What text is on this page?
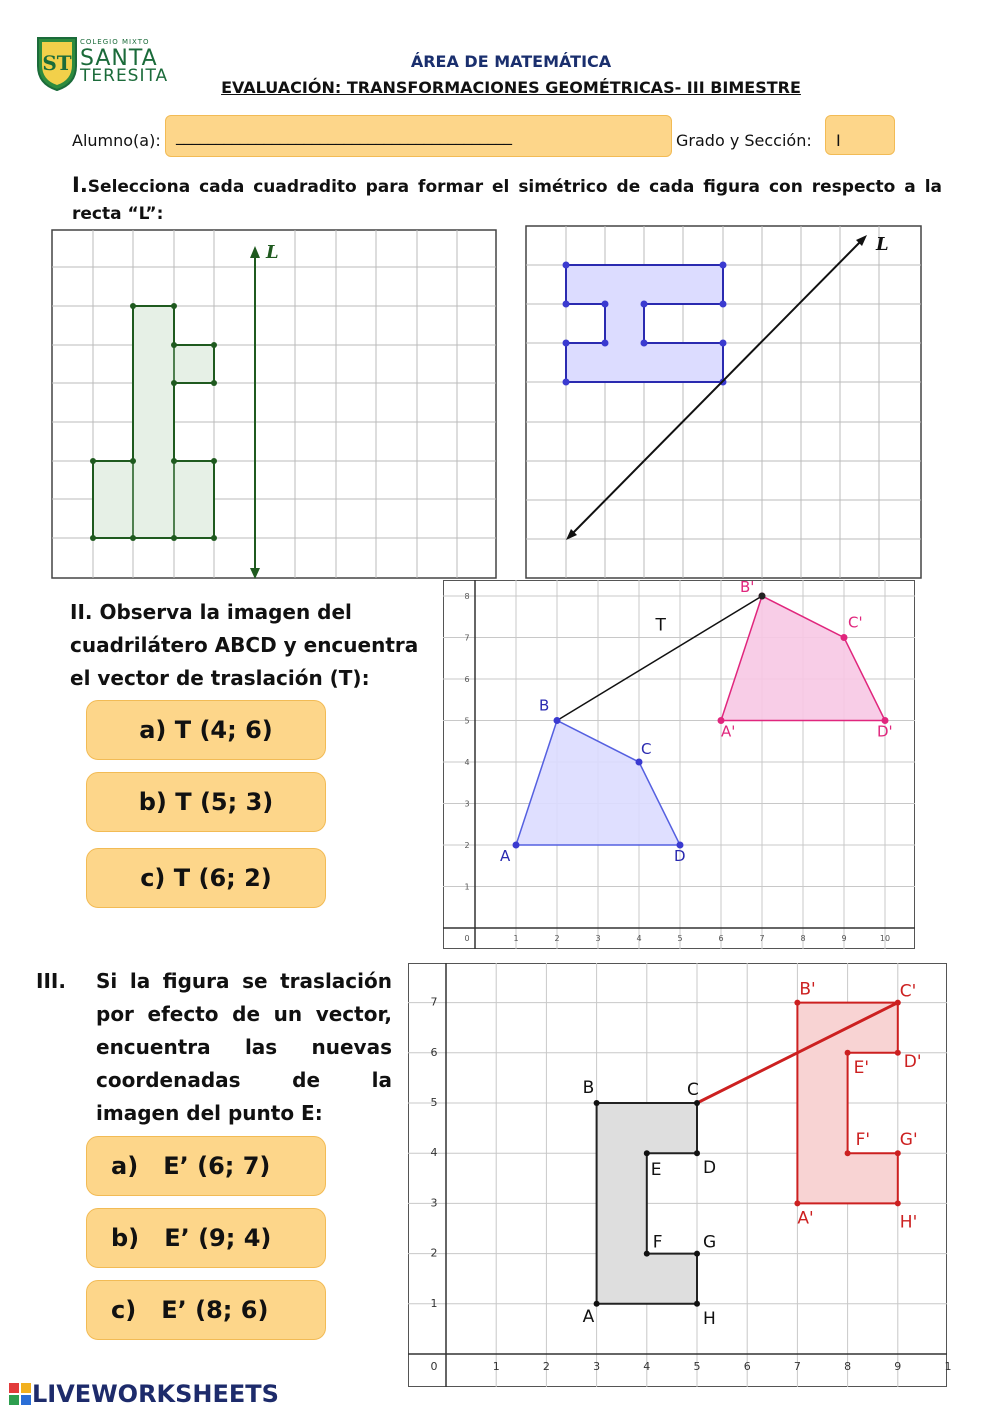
ST
COLEGIO MIXTO
SANTA
TERESITA
ÁREA DE MATEMÁTICA
EVALUACIÓN: TRANSFORMACIONES GEOMÉTRICAS- III BIMESTRE
Alumno(a): __________________________________________	Grado y Sección:	I
I.Selecciona cada cuadradito para formar el simétrico de cada figura con respecto a la recta “L”:
L	L
II. Observa la imagen del cuadrilátero ABCD y encuentra el vector de traslación (T):
a) T (4; 6)
b) T (5; 3)
c) T (6; 2)
0	1	2	3	4	5	6	7	8	9	10
1
2
3
4
5
6
7
8
T
A
B
C
D
A'
B'
C'
D'
III. Si la figura se traslación por efecto de un vector, encuentra las nuevas coordenadas de la imagen del punto E:
a)   E’ (6; 7)
b)   E’ (9; 4)
c)   E’ (8; 6)
0	1	2	3	4	5	6	7	8	9	1
1
2
3
4
5
6
7
A
B	C
D
E
F G
H
A'
B'	C'
D'
E'
F' G'
H'
LIVEWORKSHEETS
